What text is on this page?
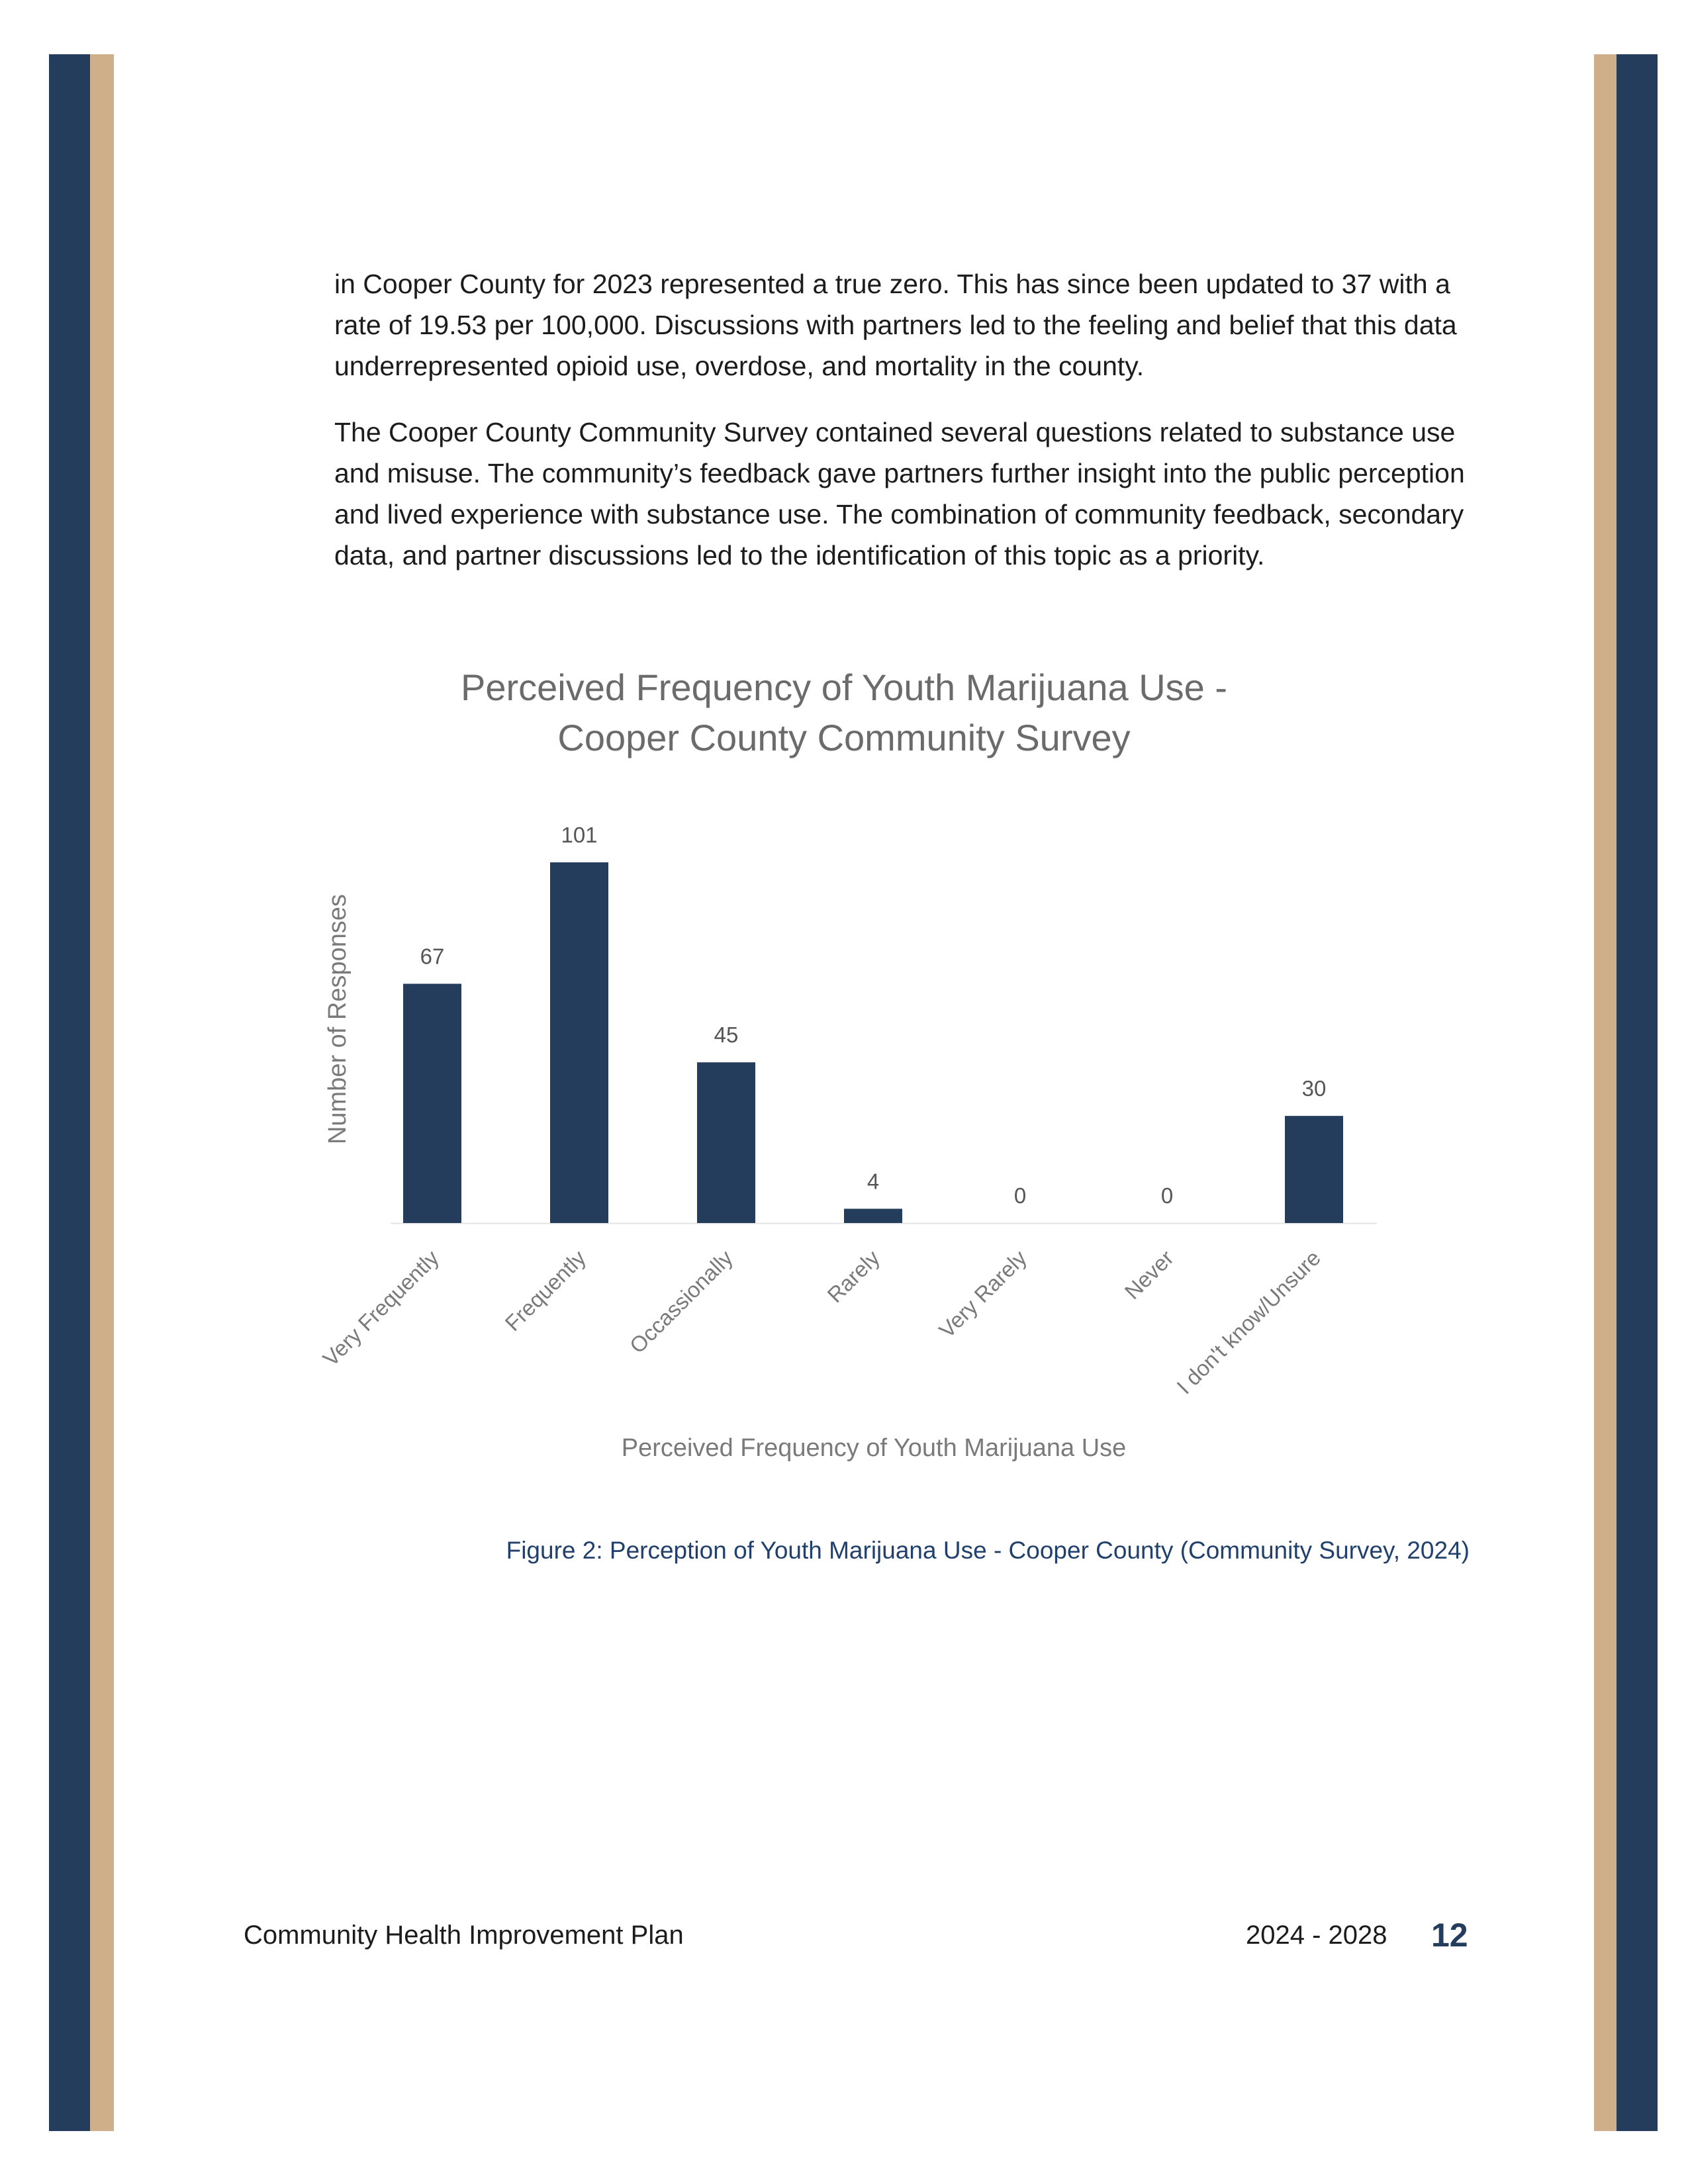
in Cooper County for 2023 represented a true zero. This has since been updated to 37 with a rate of 19.53 per 100,000. Discussions with partners led to the feeling and belief that this data underrepresented opioid use, overdose, and mortality in the county.

The Cooper County Community Survey contained several questions related to substance use and misuse. The community’s feedback gave partners further insight into the public perception and lived experience with substance use. The combination of community feedback, secondary data, and partner discussions led to the identification of this topic as a priority.

Perceived Frequency of Youth Marijuana Use -
Cooper County Community Survey
Number of Responses	67
Very Frequently
101
Frequently
45
Occassionally
4
Rarely
0
Very Rarely
0
Never
30
I don't know/Unsure
Perceived Frequency of Youth Marijuana Use

Figure 2: Perception of Youth Marijuana Use - Cooper County (Community Survey, 2024)

Community Health Improvement Plan	2024 - 2028 12
